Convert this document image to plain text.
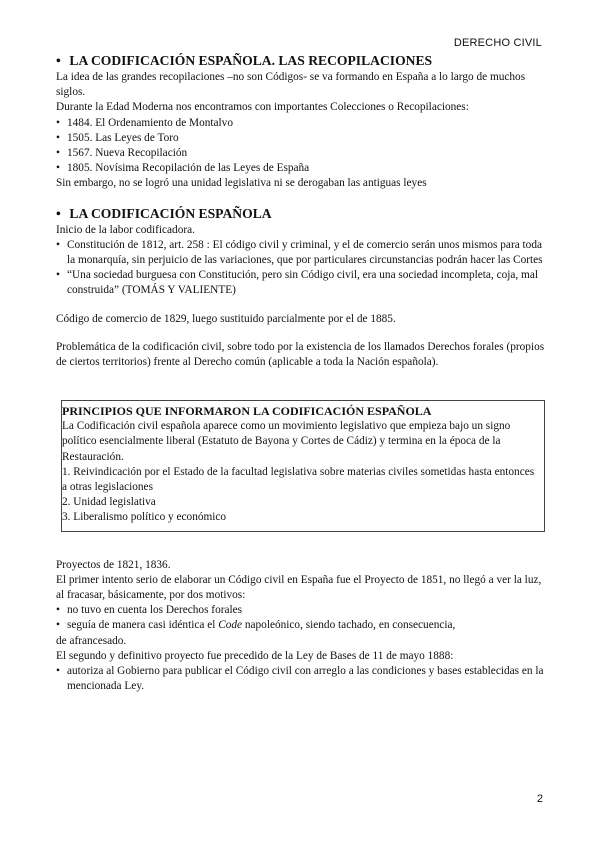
DERECHO CIVIL

• LA CODIFICACIÓN ESPAÑOLA. LAS RECOPILACIONES

La idea de las grandes recopilaciones –no son Códigos- se va formando en España a lo largo de muchos siglos.

Durante la Edad Moderna nos encontramos con importantes Colecciones o Recopilaciones:

• 1484. El Ordenamiento de Montalvo
• 1505. Las Leyes de Toro
• 1567. Nueva Recopilación
• 1805. Novísima Recopilación de las Leyes de España

Sin embargo, no se logró una unidad legislativa ni se derogaban las antiguas leyes

• LA CODIFICACIÓN ESPAÑOLA

Inicio de la labor codificadora.

• Constitución de 1812, art. 258 : El código civil y criminal, y el de comercio serán unos mismos para toda la monarquía, sin perjuicio de las variaciones, que por particulares circunstancias podrán hacer las Cortes
• “Una sociedad burguesa con Constitución, pero sin Código civil, era una sociedad incompleta, coja, mal construida” (TOMÁS Y VALIENTE)

Código de comercio de 1829, luego sustituido parcialmente por el de 1885.

Problemática de la codificación civil, sobre todo por la existencia de los llamados Derechos forales (propios de ciertos territorios) frente al Derecho común (aplicable a toda la Nación española).

PRINCIPIOS QUE INFORMARON LA CODIFICACIÓN ESPAÑOLA

La Codificación civil española aparece como un movimiento legislativo que empieza bajo un signo político esencialmente liberal (Estatuto de Bayona y Cortes de Cádiz) y termina en la época de la Restauración.

1. Reivindicación por el Estado de la facultad legislativa sobre materias civiles sometidas hasta entonces a otras legislaciones

2. Unidad legislativa

3. Liberalismo político y económico

Proyectos de 1821, 1836.

El primer intento serio de elaborar un Código civil en España fue el Proyecto de 1851, no llegó a ver la luz, al fracasar, básicamente, por dos motivos:

• no tuvo en cuenta los Derechos forales
• seguía de manera casi idéntica el Code napoleónico, siendo tachado, en consecuencia,

de afrancesado.

El segundo y definitivo proyecto fue precedido de la Ley de Bases de 11 de mayo 1888:

• autoriza al Gobierno para publicar el Código civil con arreglo a las condiciones y bases establecidas en la mencionada Ley.
2
